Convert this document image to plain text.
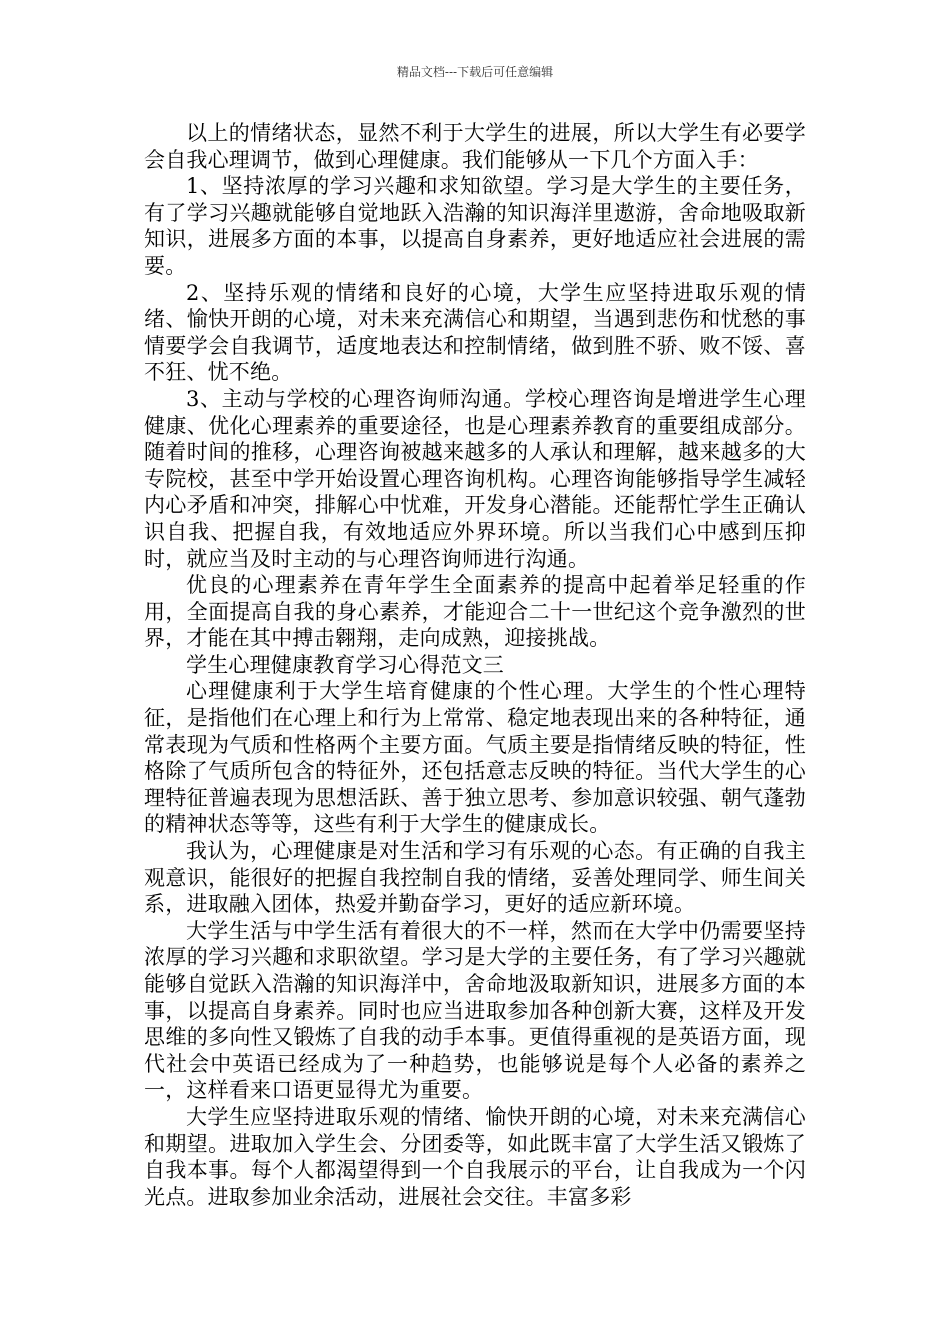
精品文档---下载后可任意编辑

以上的情绪状态，显然不利于大学生的进展，所以大学生有必要学会自我心理调节，做到心理健康。我们能够从一下几个方面入手：

1、坚持浓厚的学习兴趣和求知欲望。学习是大学生的主要任务，有了学习兴趣就能够自觉地跃入浩瀚的知识海洋里遨游，舍命地吸取新知识，进展多方面的本事，以提高自身素养，更好地适应社会进展的需要。

2、坚持乐观的情绪和良好的心境，大学生应坚持进取乐观的情绪、愉快开朗的心境，对未来充满信心和期望，当遇到悲伤和忧愁的事情要学会自我调节，适度地表达和控制情绪，做到胜不骄、败不馁、喜不狂、忧不绝。

3、主动与学校的心理咨询师沟通。学校心理咨询是增进学生心理健康、优化心理素养的重要途径，也是心理素养教育的重要组成部分。随着时间的推移，心理咨询被越来越多的人承认和理解，越来越多的大专院校，甚至中学开始设置心理咨询机构。心理咨询能够指导学生减轻内心矛盾和冲突，排解心中忧难，开发身心潜能。还能帮忙学生正确认识自我、把握自我，有效地适应外界环境。所以当我们心中感到压抑时，就应当及时主动的与心理咨询师进行沟通。

优良的心理素养在青年学生全面素养的提高中起着举足轻重的作用，全面提高自我的身心素养，才能迎合二十一世纪这个竞争激烈的世界，才能在其中搏击翱翔，走向成熟，迎接挑战。

学生心理健康教育学习心得范文三

心理健康利于大学生培育健康的个性心理。大学生的个性心理特征，是指他们在心理上和行为上常常、稳定地表现出来的各种特征，通常表现为气质和性格两个主要方面。气质主要是指情绪反映的特征，性格除了气质所包含的特征外，还包括意志反映的特征。当代大学生的心理特征普遍表现为思想活跃、善于独立思考、参加意识较强、朝气蓬勃的精神状态等等，这些有利于大学生的健康成长。

我认为，心理健康是对生活和学习有乐观的心态。有正确的自我主观意识，能很好的把握自我控制自我的情绪，妥善处理同学、师生间关系，进取融入团体，热爱并勤奋学习，更好的适应新环境。

大学生活与中学生活有着很大的不一样，然而在大学中仍需要坚持浓厚的学习兴趣和求职欲望。学习是大学的主要任务，有了学习兴趣就能够自觉跃入浩瀚的知识海洋中，舍命地汲取新知识，进展多方面的本事，以提高自身素养。同时也应当进取参加各种创新大赛，这样及开发思维的多向性又锻炼了自我的动手本事。更值得重视的是英语方面，现代社会中英语已经成为了一种趋势，也能够说是每个人必备的素养之一，这样看来口语更显得尤为重要。

大学生应坚持进取乐观的情绪、愉快开朗的心境，对未来充满信心和期望。进取加入学生会、分团委等，如此既丰富了大学生活又锻炼了自我本事。每个人都渴望得到一个自我展示的平台，让自我成为一个闪光点。进取参加业余活动，进展社会交往。丰富多彩
